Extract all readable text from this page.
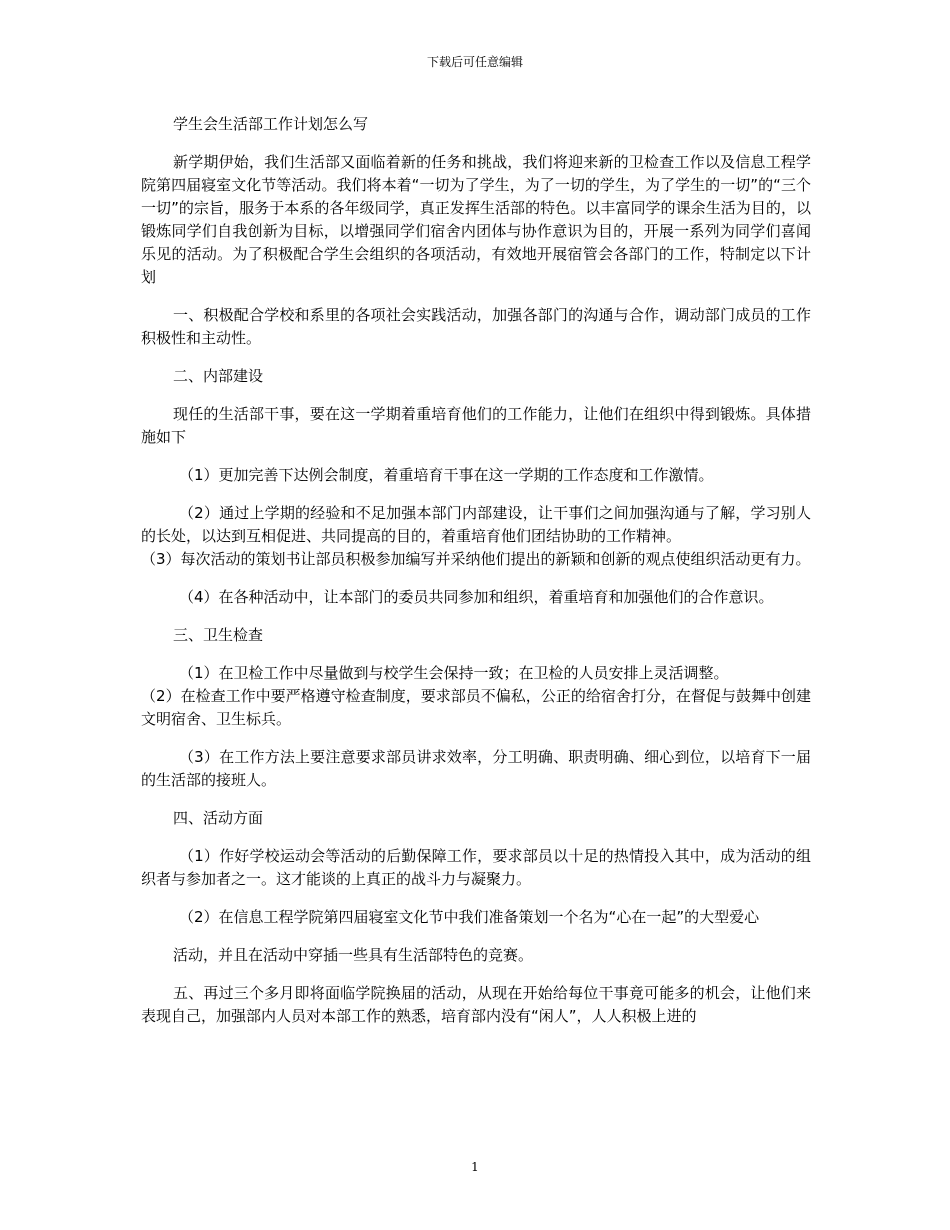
下载后可任意编辑

学生会生活部工作计划怎么写

新学期伊始，我们生活部又面临着新的任务和挑战，我们将迎来新的卫检查工作以及信息工程学院第四届寝室文化节等活动。我们将本着“一切为了学生，为了一切的学生，为了学生的一切”的“三个一切”的宗旨，服务于本系的各年级同学，真正发挥生活部的特色。以丰富同学的课余生活为目的，以锻炼同学们自我创新为目标，以增强同学们宿舍内团体与协作意识为目的，开展一系列为同学们喜闻乐见的活动。为了积极配合学生会组织的各项活动，有效地开展宿管会各部门的工作，特制定以下计划

一、积极配合学校和系里的各项社会实践活动，加强各部门的沟通与合作，调动部门成员的工作积极性和主动性。

二、内部建设

现任的生活部干事，要在这一学期着重培育他们的工作能力，让他们在组织中得到锻炼。具体措施如下

（1）更加完善下达例会制度，着重培育干事在这一学期的工作态度和工作激情。

（2）通过上学期的经验和不足加强本部门内部建设，让干事们之间加强沟通与了解，学习别人的长处，以达到互相促进、共同提高的目的，着重培育他们团结协助的工作精神。

（3）每次活动的策划书让部员积极参加编写并采纳他们提出的新颖和创新的观点使组织活动更有力。

（4）在各种活动中，让本部门的委员共同参加和组织，着重培育和加强他们的合作意识。

三、卫生检查

（1）在卫检工作中尽量做到与校学生会保持一致；在卫检的人员安排上灵活调整。

（2）在检查工作中要严格遵守检查制度，要求部员不偏私，公正的给宿舍打分，在督促与鼓舞中创建文明宿舍、卫生标兵。

（3）在工作方法上要注意要求部员讲求效率，分工明确、职责明确、细心到位，以培育下一届的生活部的接班人。

四、活动方面

（1）作好学校运动会等活动的后勤保障工作，要求部员以十足的热情投入其中，成为活动的组织者与参加者之一。这才能谈的上真正的战斗力与凝聚力。

（2）在信息工程学院第四届寝室文化节中我们准备策划一个名为“心在一起”的大型爱心

活动，并且在活动中穿插一些具有生活部特色的竞赛。

五、再过三个多月即将面临学院换届的活动，从现在开始给每位干事竟可能多的机会，让他们来表现自己，加强部内人员对本部工作的熟悉，培育部内没有“闲人”，人人积极上进的

1
